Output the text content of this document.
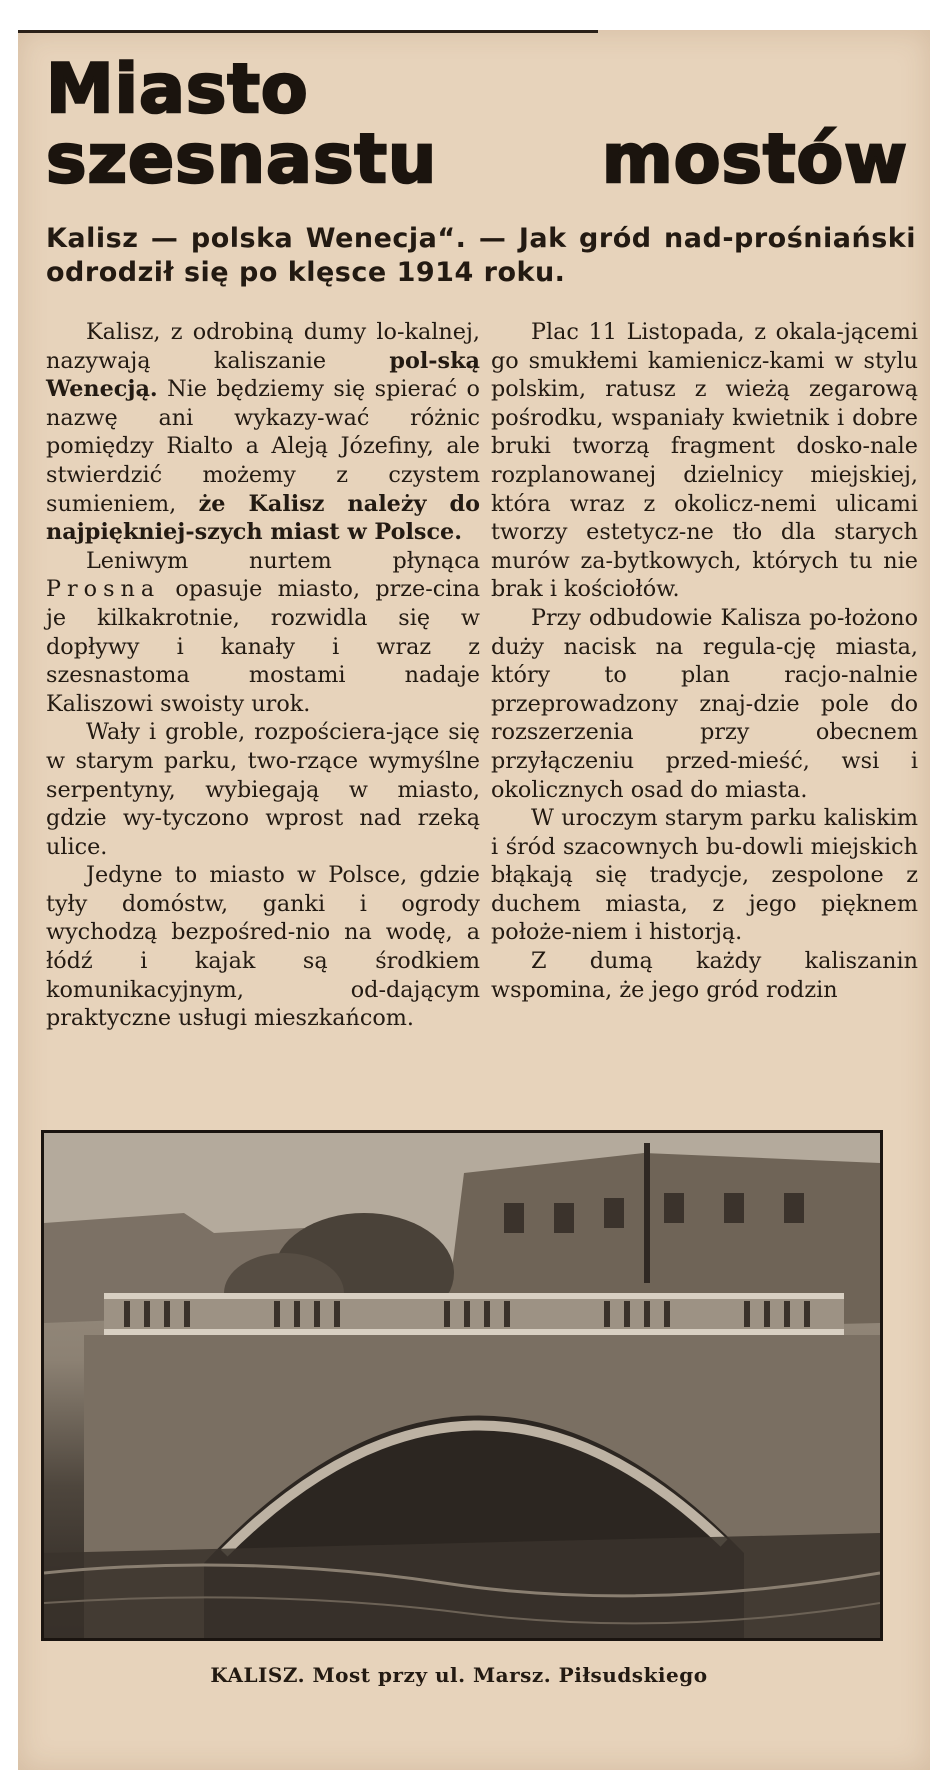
Miasto
szesnastu mostów
Kalisz — polska Wenecja“. — Jak gród nad-prośniański odrodził się po klęsce 1914 roku.

Kalisz, z odrobiną dumy lo-kalnej, nazywają kaliszanie pol-ską Wenecją. Nie będziemy się spierać o nazwę ani wykazy-wać różnic pomiędzy Rialto a Aleją Józefiny, ale stwierdzić możemy z czystem sumieniem, że Kalisz należy do najpiękniej-szych miast w Polsce.

Leniwym nurtem płynąca Prosna opasuje miasto, prze-cina je kilkakrotnie, rozwidla się w dopływy i kanały i wraz z szesnastoma mostami nadaje Kaliszowi swoisty urok.

Wały i groble, rozpościera-jące się w starym parku, two-rzące wymyślne serpentyny, wybiegają w miasto, gdzie wy-tyczono wprost nad rzeką ulice.

Jedyne to miasto w Polsce, gdzie tyły domóstw, ganki i ogrody wychodzą bezpośred-nio na wodę, a łódź i kajak są środkiem komunikacyjnym, od-dającym praktyczne usługi mieszkańcom.

Plac 11 Listopada, z okala-jącemi go smukłemi kamienicz-kami w stylu polskim, ratusz z wieżą zegarową pośrodku, wspaniały kwietnik i dobre bruki tworzą fragment dosko-nale rozplanowanej dzielnicy miejskiej, która wraz z okolicz-nemi ulicami tworzy estetycz-ne tło dla starych murów za-bytkowych, których tu nie brak i kościołów.

Przy odbudowie Kalisza po-łożono duży nacisk na regula-cję miasta, który to plan racjo-nalnie przeprowadzony znaj-dzie pole do rozszerzenia przy obecnem przyłączeniu przed-mieść, wsi i okolicznych osad do miasta.

W uroczym starym parku kaliskim i śród szacownych bu-dowli miejskich błąkają się tradycje, zespolone z duchem miasta, z jego pięknem położe-niem i historją.

Z dumą każdy kaliszanin wspomina, że jego gród rodzin

KALISZ. Most przy ul. Marsz. Piłsudskiego
